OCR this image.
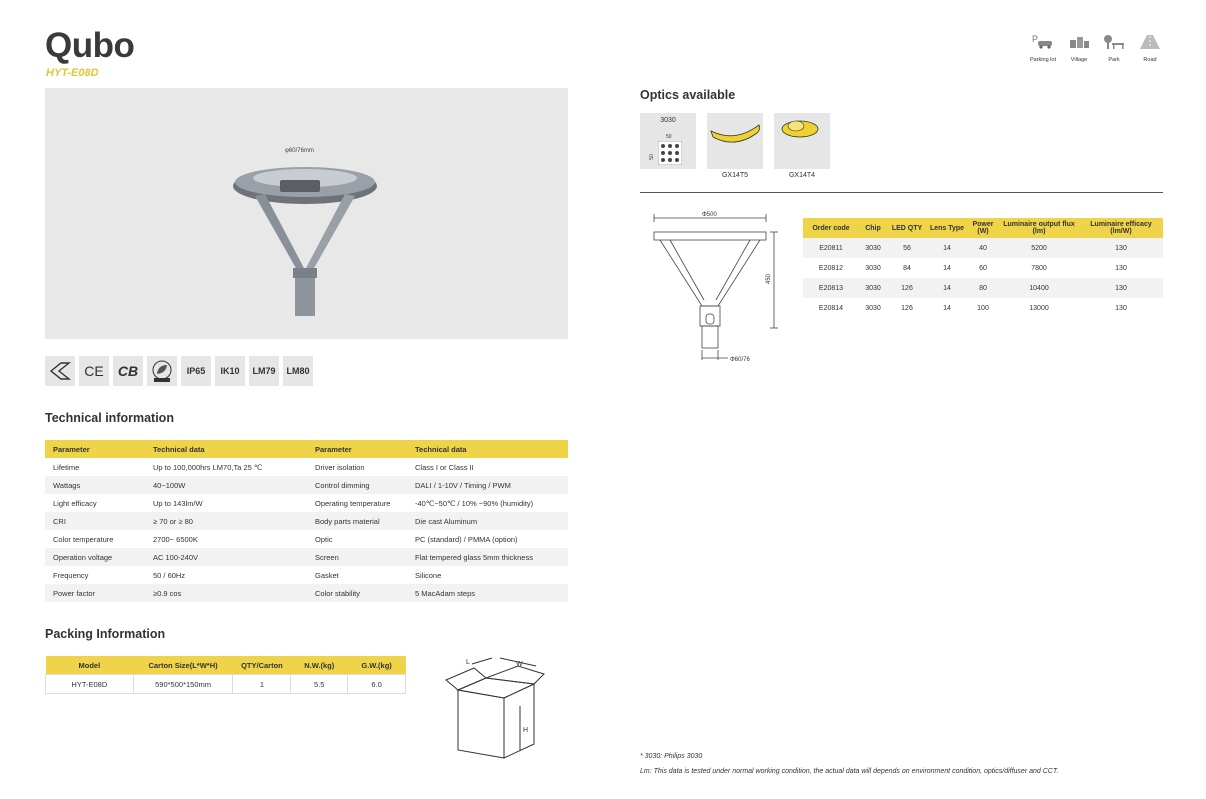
Qubo
HYT-E08D
P
Parking lot	Village	Park	Road
φ60/76mm
CE	CB	IP65	IK10	LM79	LM80
Technical information
Parameter	Technical data	Parameter	Technical data
Lifetime	Up to 100,000hrs LM70,Ta 25 ℃	Driver isolation	Class I or Class II
Wattags	40~100W	Control dimming	DALI / 1-10V / Timing / PWM
Light efficacy	Up to 143lm/W	Operating temperature	-40℃~50℃ / 10% ~90% (humidity)
CRI	≥ 70 or ≥ 80	Body parts material	Die cast Aluminum
Color temperature	2700~ 6500K	Optic	PC (standard) / PMMA (option)
Operation voltage	AC 100-240V	Screen	Flat tempered glass 5mm thickness
Frequency	50 / 60Hz	Gasket	Silicone
Power factor	≥0.9 cos	Color stability	5 MacAdam steps
Packing Information
Model	Carton Size(L*W*H)	QTY/Carton	N.W.(kg)	G.W.(kg)
HYT-E08D	590*500*150mm	1	5.5	6.0
L	W
H
Optics available
3030
50
50
GX14T5	GX14T4
Φ500
450
Φ60/76
Order code	Chip	LED QTY	Lens Type	Power (W)	Luminaire output flux (lm)	Luminaire efficacy (lm/W)
E20811	3030	56	14	40	5200	130
E20812	3030	84	14	60	7800	130
E20813	3030	126	14	80	10400	130
E20814	3030	126	14	100	13000	130
* 3030: Philips 3030
Lm: This data is tested under normal working condition, the actual data will depends on environment condition, optics/diffuser and CCT.
